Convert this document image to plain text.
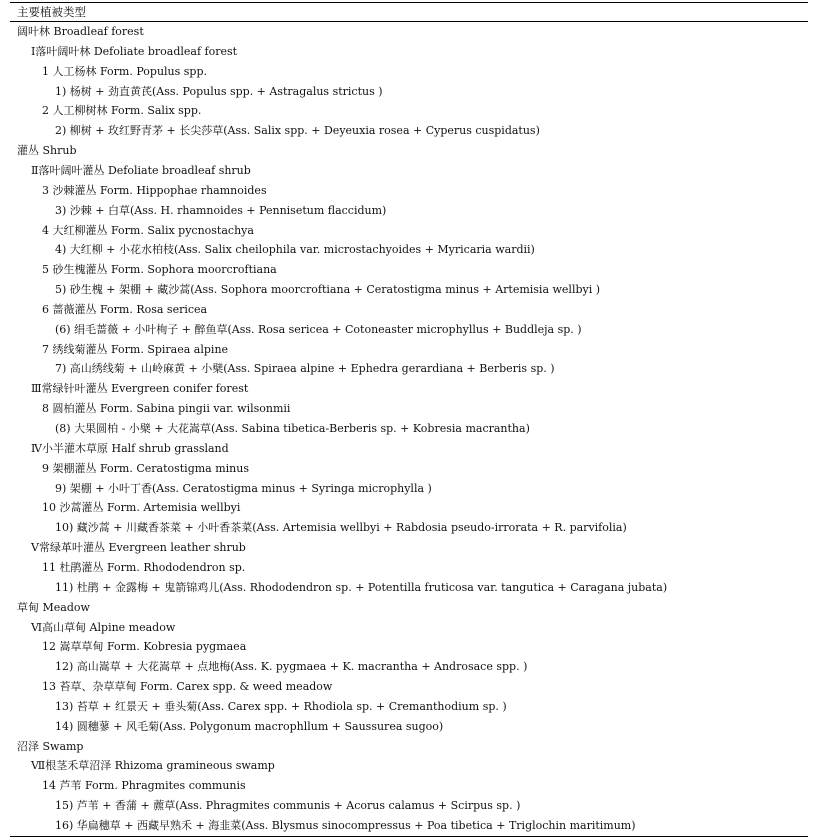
主要植被类型
阔叶林 Broadleaf forest
Ⅰ落叶阔叶林 Defoliate broadleaf forest
1 人工杨林 Form. Populus spp.
1) 杨树 + 劲直黄芪(Ass. Populus spp. + Astragalus strictus )
2 人工柳树林 Form. Salix spp.
2) 柳树 + 玫红野青茅 + 长尖莎草(Ass. Salix spp. + Deyeuxia rosea + Cyperus cuspidatus)
灌丛 Shrub
Ⅱ落叶阔叶灌丛 Defoliate broadleaf shrub
3 沙棘灌丛 Form. Hippophae rhamnoides
3) 沙棘 + 白草(Ass. H. rhamnoides + Pennisetum flaccidum)
4 大红柳灌丛 Form. Salix pycnostachya
4) 大红柳 + 小花水柏枝(Ass. Salix cheilophila var. microstachyoides + Myricaria wardii)
5 砂生槐灌丛 Form. Sophora moorcroftiana
5) 砂生槐 + 架棚 + 藏沙蒿(Ass. Sophora moorcroftiana + Ceratostigma minus + Artemisia wellbyi )
6 蔷薇灌丛 Form. Rosa sericea
(6) 绢毛蔷薇 + 小叶栒子 + 醉鱼草(Ass. Rosa sericea + Cotoneaster microphyllus + Buddleja sp. )
7 绣线菊灌丛 Form. Spiraea alpine
7) 高山绣线菊 + 山岭麻黄 + 小檗(Ass. Spiraea alpine + Ephedra gerardiana + Berberis sp. )
Ⅲ常绿针叶灌丛 Evergreen conifer forest
8 圆柏灌丛 Form. Sabina pingii var. wilsonmii
(8) 大果圆柏 - 小檗 + 大花嵩草(Ass. Sabina tibetica-Berberis sp. + Kobresia macrantha)
Ⅳ小半灌木草原 Half shrub grassland
9 架棚灌丛 Form. Ceratostigma minus
9) 架棚 + 小叶丁香(Ass. Ceratostigma minus + Syringa microphylla )
10 沙蒿灌丛 Form. Artemisia wellbyi
10) 藏沙蒿 + 川藏香茶菜 + 小叶香茶菜(Ass. Artemisia wellbyi + Rabdosia pseudo-irrorata + R. parvifolia)
Ⅴ常绿革叶灌丛 Evergreen leather shrub
11 杜鹃灌丛 Form. Rhododendron sp.
11) 杜鹃 + 金露梅 + 鬼箭锦鸡儿(Ass. Rhododendron sp. + Potentilla fruticosa var. tangutica + Caragana jubata)
草甸 Meadow
Ⅵ高山草甸 Alpine meadow
12 嵩草草甸 Form. Kobresia pygmaea
12) 高山嵩草 + 大花嵩草 + 点地梅(Ass. K. pygmaea + K. macrantha + Androsace spp. )
13 苔草、杂草草甸 Form. Carex spp. & weed meadow
13) 苔草 + 红景天 + 垂头菊(Ass. Carex spp. + Rhodiola sp. + Cremanthodium sp. )
14) 圆穗蓼 + 风毛菊(Ass. Polygonum macrophllum + Saussurea sugoo)
沼泽 Swamp
Ⅶ根茎禾草沼泽 Rhizoma gramineous swamp
14 芦苇 Form. Phragmites communis
15) 芦苇 + 香蒲 + 藨草(Ass. Phragmites communis + Acorus calamus + Scirpus sp. )
16) 华扁穗草 + 西藏早熟禾 + 海韭菜(Ass. Blysmus sinocompressus + Poa tibetica + Triglochin maritimum)
